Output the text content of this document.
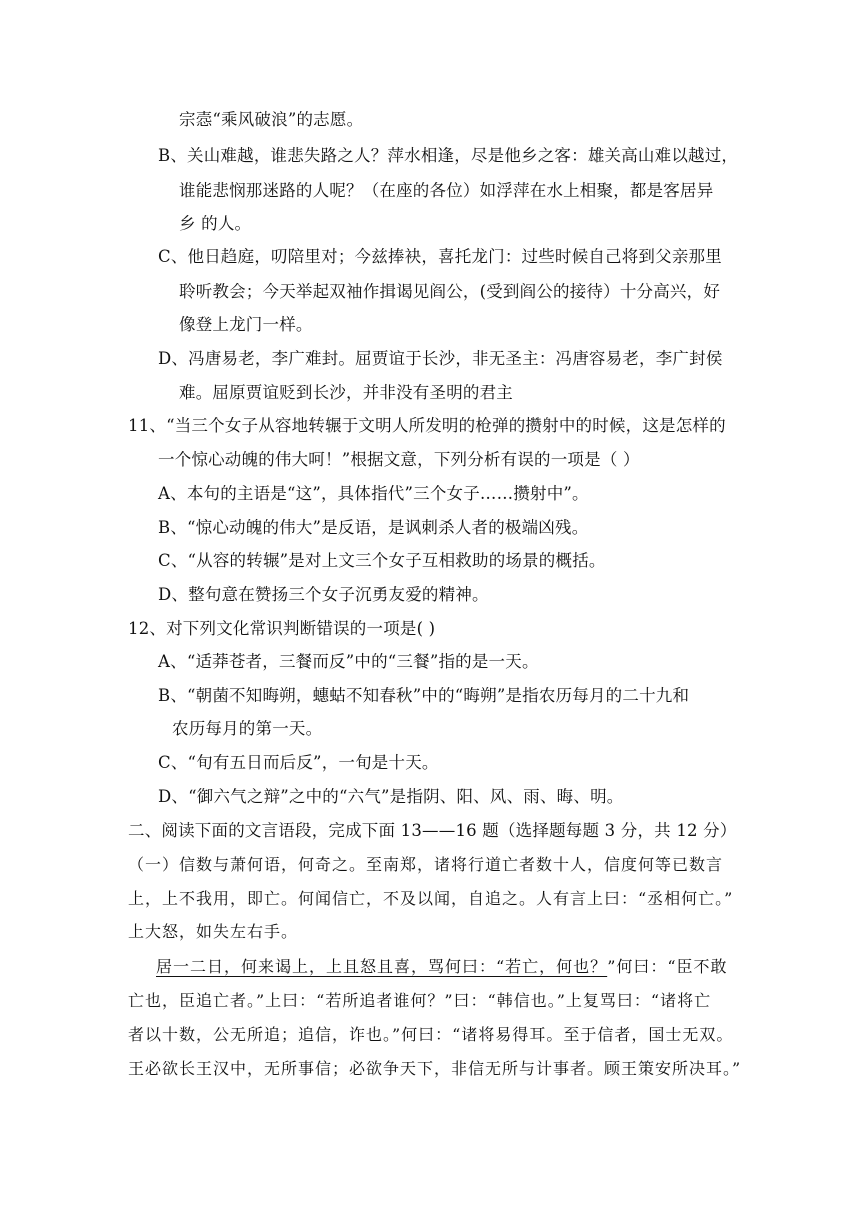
宗悫“乘风破浪”的志愿。
B、关山难越，谁悲失路之人？萍水相逢，尽是他乡之客：雄关高山难以越过，
谁能悲悯那迷路的人呢？（在座的各位）如浮萍在水上相聚，都是客居异
乡 的人。
C、他日趋庭，叨陪里对；今兹捧袂，喜托龙门：过些时候自己将到父亲那里
聆听教会；今天举起双袖作揖谒见阎公，(受到阎公的接待）十分高兴，好
像登上龙门一样。
D、冯唐易老，李广难封。屈贾谊于长沙，非无圣主：冯唐容易老，李广封侯
难。屈原贾谊贬到长沙，并非没有圣明的君主
11、“当三个女子从容地转辗于文明人所发明的枪弹的攒射中的时候，这是怎样的
一个惊心动魄的伟大呵！”根据文意，下列分析有误的一项是（ ）
A、本句的主语是“这”，具体指代”三个女子……攒射中”。
B、“惊心动魄的伟大”是反语，是讽刺杀人者的极端凶残。
C、“从容的转辗”是对上文三个女子互相救助的场景的概括。
D、整句意在赞扬三个女子沉勇友爱的精神。
12、对下列文化常识判断错误的一项是( )
A、“适莽苍者，三餐而反”中的“三餐”指的是一天。
B、“朝菌不知晦朔，蟪蛄不知春秋”中的“晦朔”是指农历每月的二十九和
农历每月的第一天。
C、“旬有五日而后反”，一旬是十天。
D、“御六气之辩”之中的“六气”是指阴、阳、风、雨、晦、明。
二、阅读下面的文言语段，完成下面 13——16 题（选择题每题 3 分，共 12 分）
（一）信数与萧何语，何奇之。至南郑，诸将行道亡者数十人，信度何等已数言
上，上不我用，即亡。何闻信亡，不及以闻，自追之。人有言上曰：“丞相何亡。”
上大怒，如失左右手。
居一二日，何来谒上，上且怒且喜，骂何曰：“若亡，何也？”何曰：“臣不敢
亡也，臣追亡者。”上曰：“若所追者谁何？”曰：“韩信也。”上复骂曰：“诸将亡
者以十数，公无所追；追信，诈也。”何曰：“诸将易得耳。至于信者，国士无双。
王必欲长王汉中，无所事信；必欲争天下，非信无所与计事者。顾王策安所决耳。”
